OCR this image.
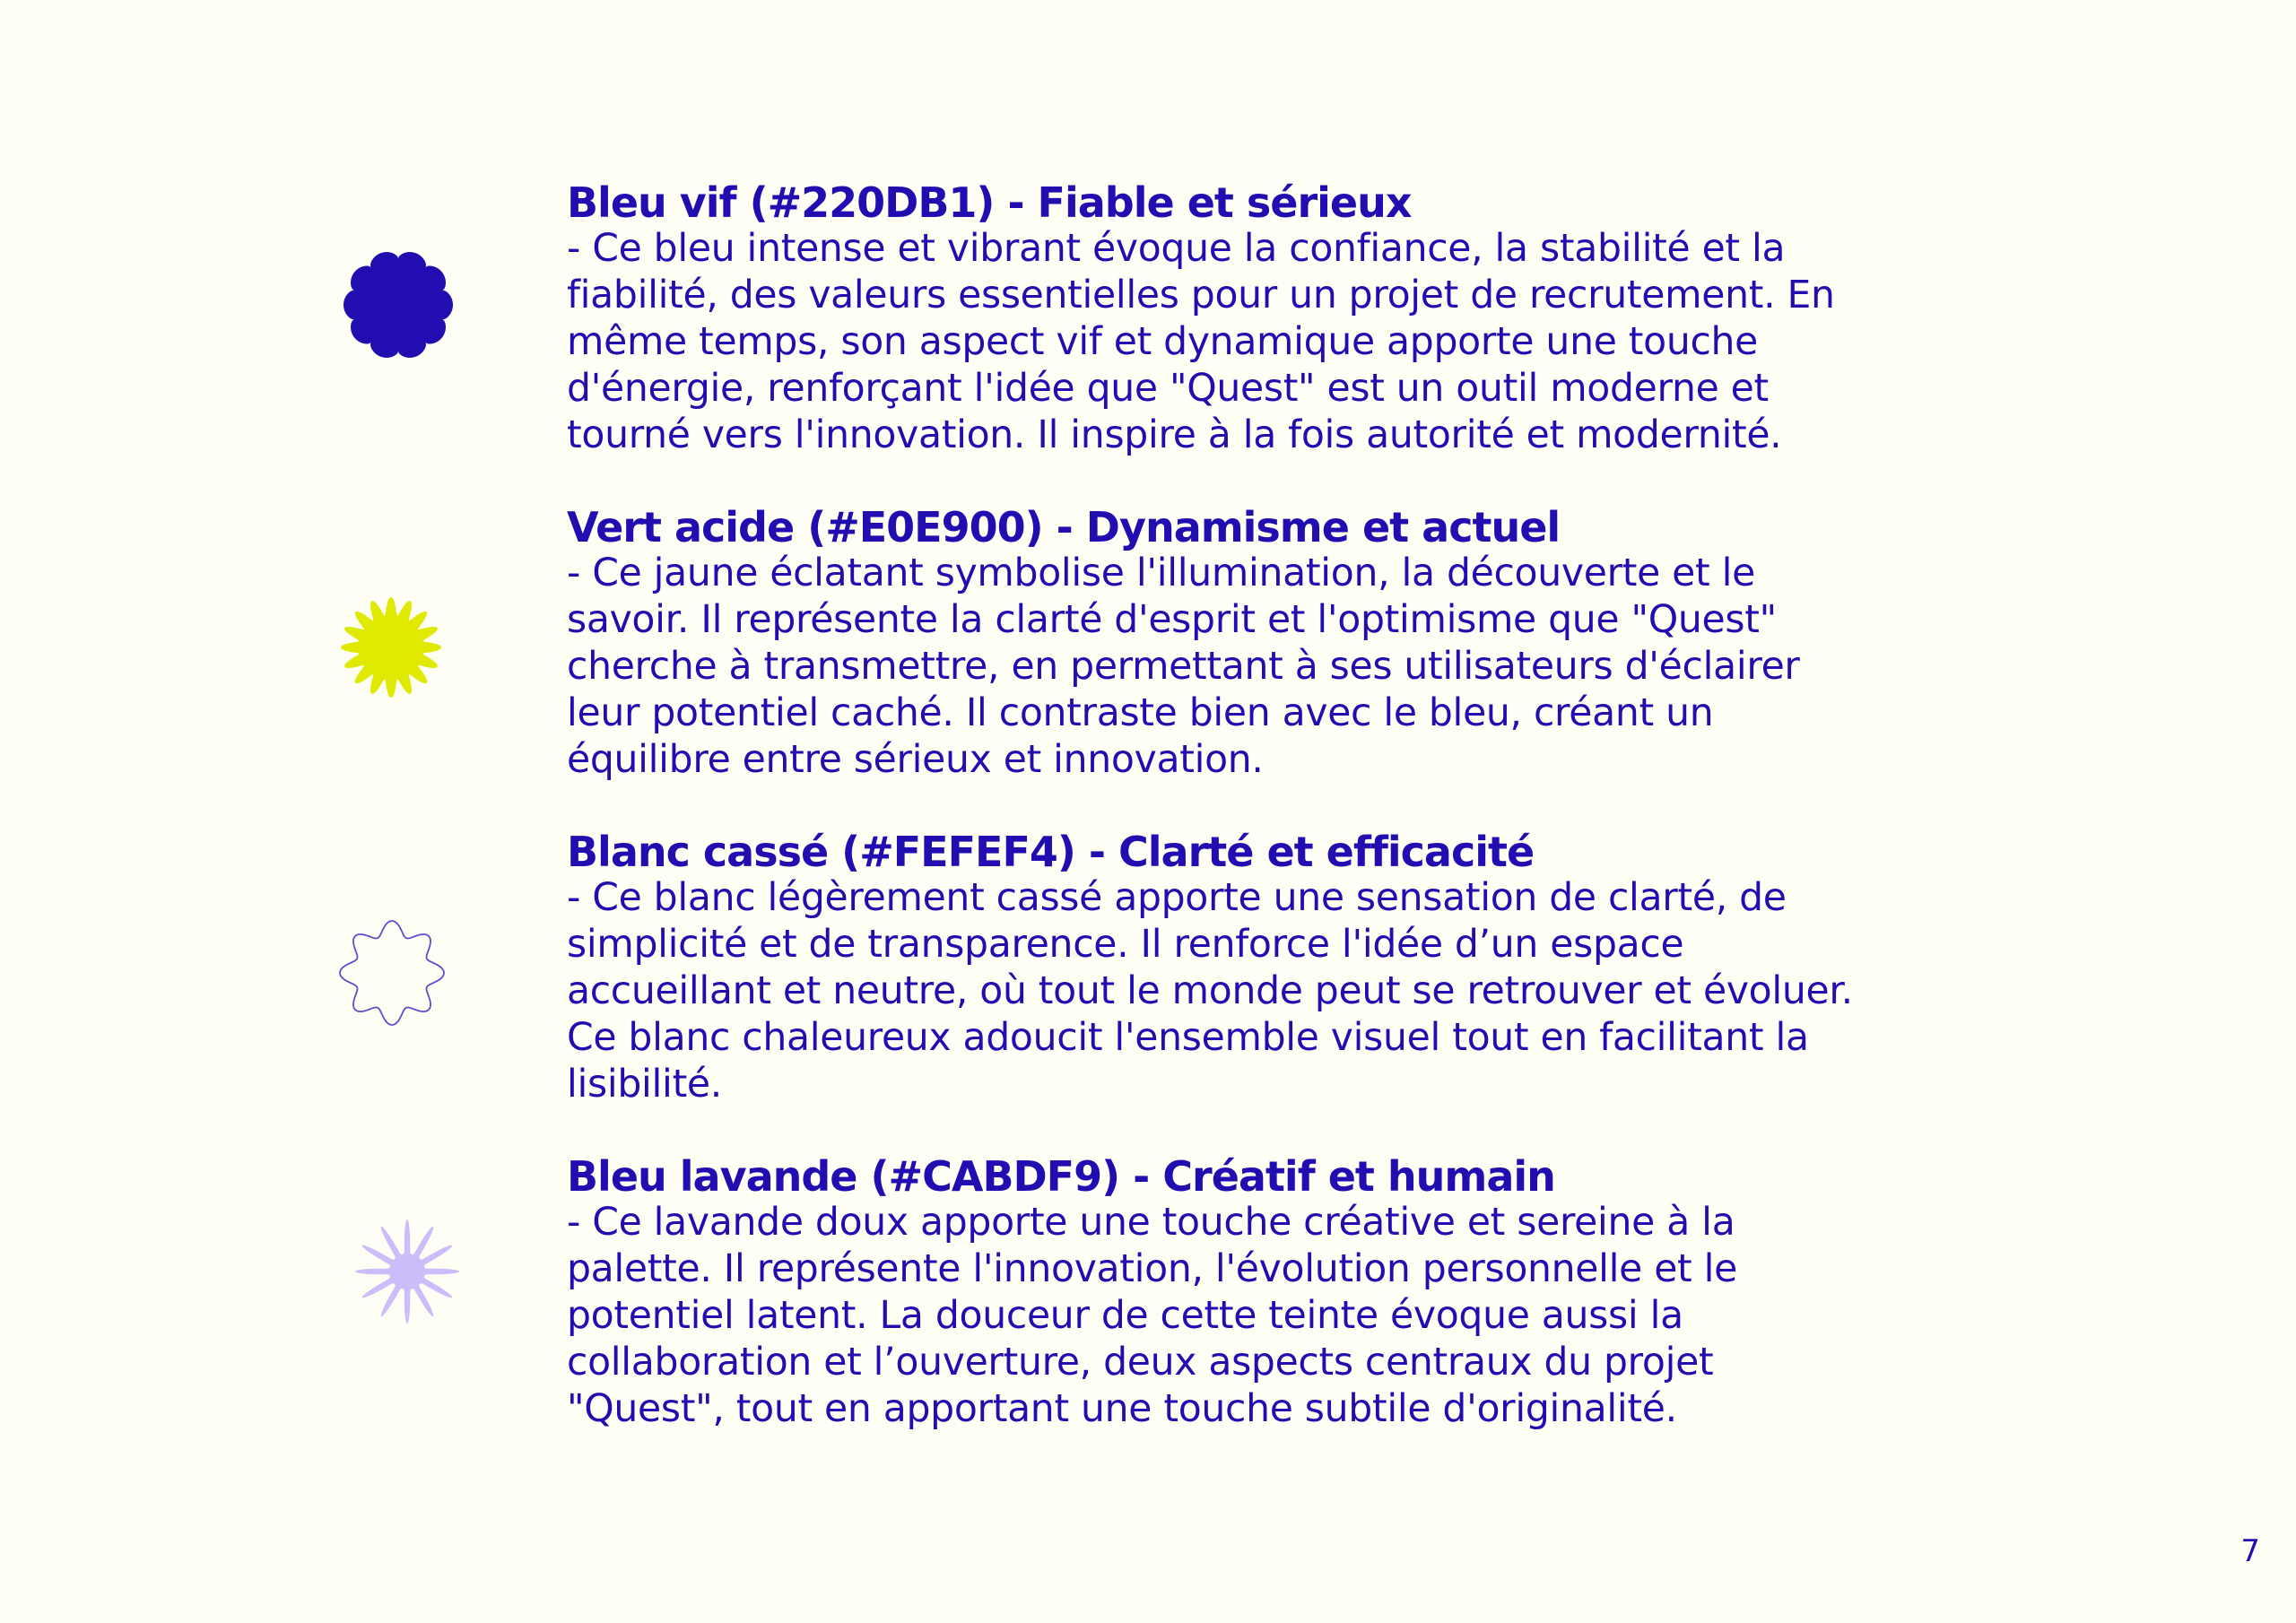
Bleu vif (#220DB1) - Fiable et sérieux

- Ce bleu intense et vibrant évoque la confiance, la stabilité et la
fiabilité, des valeurs essentielles pour un projet de recrutement. En
même temps, son aspect vif et dynamique apporte une touche
d'énergie, renforçant l'idée que "Quest" est un outil moderne et
tourné vers l'innovation. Il inspire à la fois autorité et modernité.

Vert acide (#E0E900) - Dynamisme et actuel

- Ce jaune éclatant symbolise l'illumination, la découverte et le
savoir. Il représente la clarté d'esprit et l'optimisme que "Quest"
cherche à transmettre, en permettant à ses utilisateurs d'éclairer
leur potentiel caché. Il contraste bien avec le bleu, créant un
équilibre entre sérieux et innovation.

Blanc cassé (#FEFEF4) - Clarté et efficacité

- Ce blanc légèrement cassé apporte une sensation de clarté, de
simplicité et de transparence. Il renforce l'idée d’un espace
accueillant et neutre, où tout le monde peut se retrouver et évoluer.
Ce blanc chaleureux adoucit l'ensemble visuel tout en facilitant la
lisibilité.

Bleu lavande (#CABDF9) - Créatif et humain

- Ce lavande doux apporte une touche créative et sereine à la
palette. Il représente l'innovation, l'évolution personnelle et le
potentiel latent. La douceur de cette teinte évoque aussi la
collaboration et l’ouverture, deux aspects centraux du projet
"Quest", tout en apportant une touche subtile d'originalité.

7
